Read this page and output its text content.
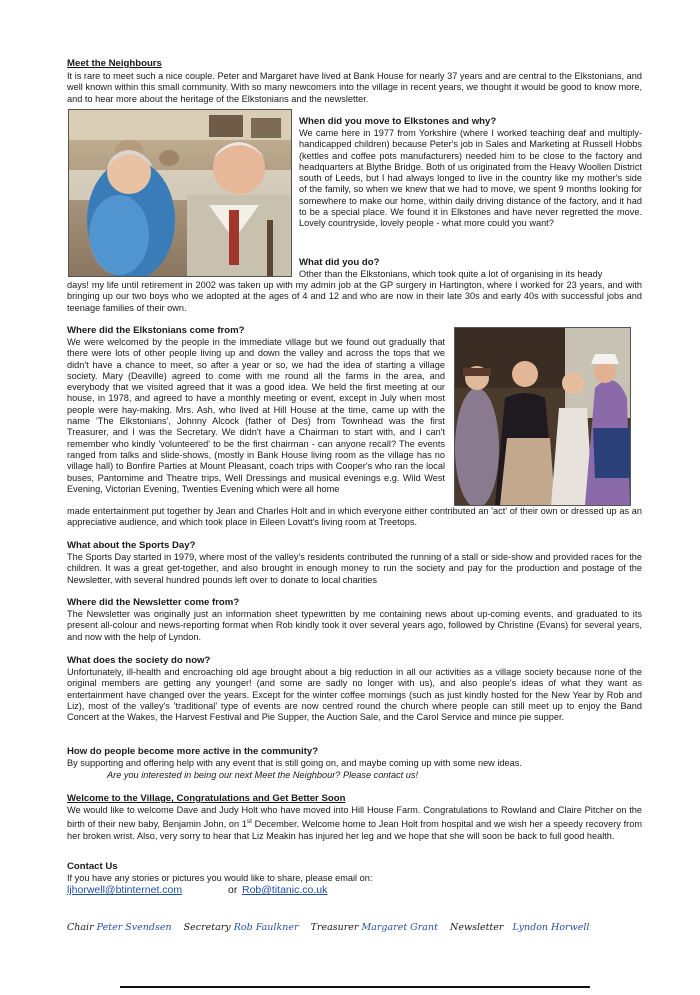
Meet the Neighbours

It is rare to meet such a nice couple. Peter and Margaret have lived at Bank House for nearly 37 years and are central to the Elkstonians, and well known within this small community. With so many newcomers into the village in recent years, we thought it would be good to know more, and to hear more about the heritage of the Elkstonians and the newsletter.

When did you move to Elkstones and why?

We came here in 1977 from Yorkshire (where I worked teaching deaf and multiply-handicapped children) because Peter's job in Sales and Marketing at Russell Hobbs (kettles and coffee pots manufacturers) needed him to be close to the factory and headquarters at Blythe Bridge. Both of us originated from the Heavy Woollen District south of Leeds, but I had always longed to live in the country like my mother's side of the family, so when we knew that we had to move, we spent 9 months looking for somewhere to make our home, within daily driving distance of the factory, and it had to be a special place. We found it in Elkstones and have never regretted the move. Lovely countryside, lovely people - what more could you want?

What did you do?

Other than the Elkstonians, which took quite a lot of organising in its heady

days! my life until retirement in 2002 was taken up with my admin job at the GP surgery in Hartington, where I worked for 23 years, and with bringing up our two boys who we adopted at the ages of 4 and 12 and who are now in their late 30s and early 40s with successful jobs and teenage families of their own.

Where did the Elkstonians come from?

We were welcomed by the people in the immediate village but we found out gradually that there were lots of other people living up and down the valley and across the tops that we didn't have a chance to meet, so after a year or so, we had the idea of starting a village society. Mary (Deaville) agreed to come with me round all the farms in the area, and everybody that we visited agreed that it was a good idea. We held the first meeting at our house, in 1978, and agreed to have a monthly meeting or event, except in July when most people were hay-making. Mrs. Ash, who lived at Hill House at the time, came up with the name 'The Elkstonians', Johnny Alcock (father of Des) from Townhead was the first Treasurer, and I was the Secretary. We didn't have a Chairman to start with, and I can't remember who kindly 'volunteered' to be the first chairman - can anyone recall? The events ranged from talks and slide-shows, (mostly in Bank House living room as the village has no village hall) to Bonfire Parties at Mount Pleasant, coach trips with Cooper's who ran the local buses, Pantomime and Theatre trips, Well Dressings and musical evenings e.g. Wild West Evening, Victorian Evening, Twenties Evening which were all home

made entertainment put together by Jean and Charles Holt and in which everyone either contributed an 'act' of their own or dressed up as an appreciative audience, and which took place in Eileen Lovatt's living room at Treetops.

What about the Sports Day?

The Sports Day started in 1979, where most of the valley's residents contributed the running of a stall or side-show and provided races for the children. It was a great get-together, and also brought in enough money to run the society and pay for the production and postage of the Newsletter, with several hundred pounds left over to donate to local charities

Where did the Newsletter come from?

The Newsletter was originally just an information sheet typewritten by me containing news about up-coming events, and graduated to its present all-colour and news-reporting format when Rob kindly took it over several years ago, followed by Christine (Evans) for several years, and now with the help of Lyndon.

What does the society do now?

Unfortunately, ill-health and encroaching old age brought about a big reduction in all our activities as a village society because none of the original members are getting any younger! (and some are sadly no longer with us), and also people's ideas of what they want as entertainment have changed over the years. Except for the winter coffee mornings (such as just kindly hosted for the New Year by Rob and Liz), most of the valley's 'traditional' type of events are now centred round the church where people can still meet up to enjoy the Band Concert at the Wakes, the Harvest Festival and Pie Supper, the Auction Sale, and the Carol Service and mince pie supper.

How do people become more active in the community?

By supporting and offering help with any event that is still going on, and maybe coming up with some new ideas.

Are you interested in being our next Meet the Neighbour? Please contact us!

Welcome to the Village, Congratulations and Get Better Soon

We would like to welcome Dave and Judy Holt who have moved into Hill House Farm. Congratulations to Rowland and Claire Pitcher on the birth of their new baby, Benjamin John, on 1st December. Welcome home to Jean Holt from hospital and we wish her a speedy recovery from her broken wrist. Also, very sorry to hear that Liz Meakin has injured her leg and we hope that she will soon be back to full good health.

Contact Us

If you have any stories or pictures you would like to share, please email on:

ljhorwell@btinternet.com	or Rob@titanic.co.uk
Chair Peter Svendsen Secretary Rob Faulkner Treasurer Margaret Grant Newsletter Lyndon Horwell
